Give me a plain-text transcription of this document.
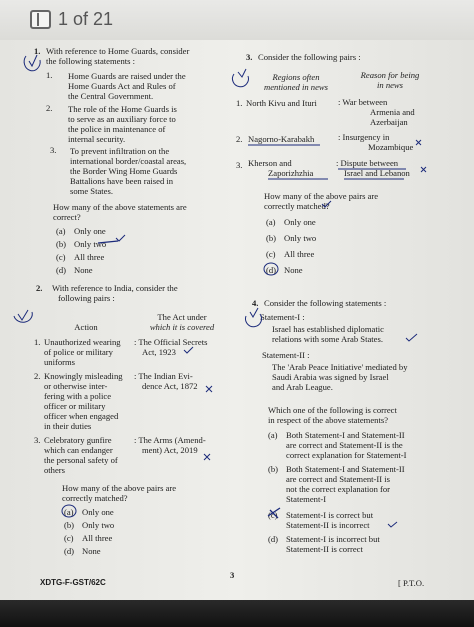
1 of 21
1. With reference to Home Guards, consider
the following statements :
1. Home Guards are raised under the
Home Guards Act and Rules of
the Central Government.
2. The role of the Home Guards is
to serve as an auxiliary force to
the police in maintenance of
internal security.
3. To prevent infiltration on the
international border/coastal areas,
the Border Wing Home Guards
Battalions have been raised in
some States.
How many of the above statements are
correct?
(a) Only one
(b) Only two
(c) All three
(d) None
2. With reference to India, consider the
following pairs :
Action
The Act under
which it is covered
1. Unauthorized wearing
of police or military
uniforms
: The Official Secrets
Act, 1923
2. Knowingly misleading
or otherwise inter-
fering with a police
officer or military
officer when engaged
in their duties
: The Indian Evi-
dence Act, 1872
3. Celebratory gunfire
which can endanger
the personal safety of
others
: The Arms (Amend-
ment) Act, 2019
How many of the above pairs are
correctly matched?
(a) Only one
(b) Only two
(c) All three
(d) None
3. Consider the following pairs :
Regions often
mentioned in news
Reason for being
in news
1. North Kivu and Ituri : War between
Armenia and
Azerbaijan
2. Nagorno-Karabakh	: Insurgency in
Mozambique
3. Kherson and
Zaporizhzhia
: Dispute between
Israel and Lebanon
How many of the above pairs are
correctly matched?
(a) Only one
(b) Only two
(c) All three
(d) None
4. Consider the following statements :
Statement-I :
Israel has established diplomatic
relations with some Arab States.
Statement-II :
The 'Arab Peace Initiative' mediated by
Saudi Arabia was signed by Israel
and Arab League.
Which one of the following is correct
in respect of the above statements?
(a) Both Statement-I and Statement-II
are correct and Statement-II is the
correct explanation for Statement-I
(b) Both Statement-I and Statement-II
are correct and Statement-II is
not the correct explanation for
Statement-I
(c) Statement-I is correct but
Statement-II is incorrect
(d) Statement-I is incorrect but
Statement-II is correct
XDTG-F-GST/62C
3
[ P.T.O.
